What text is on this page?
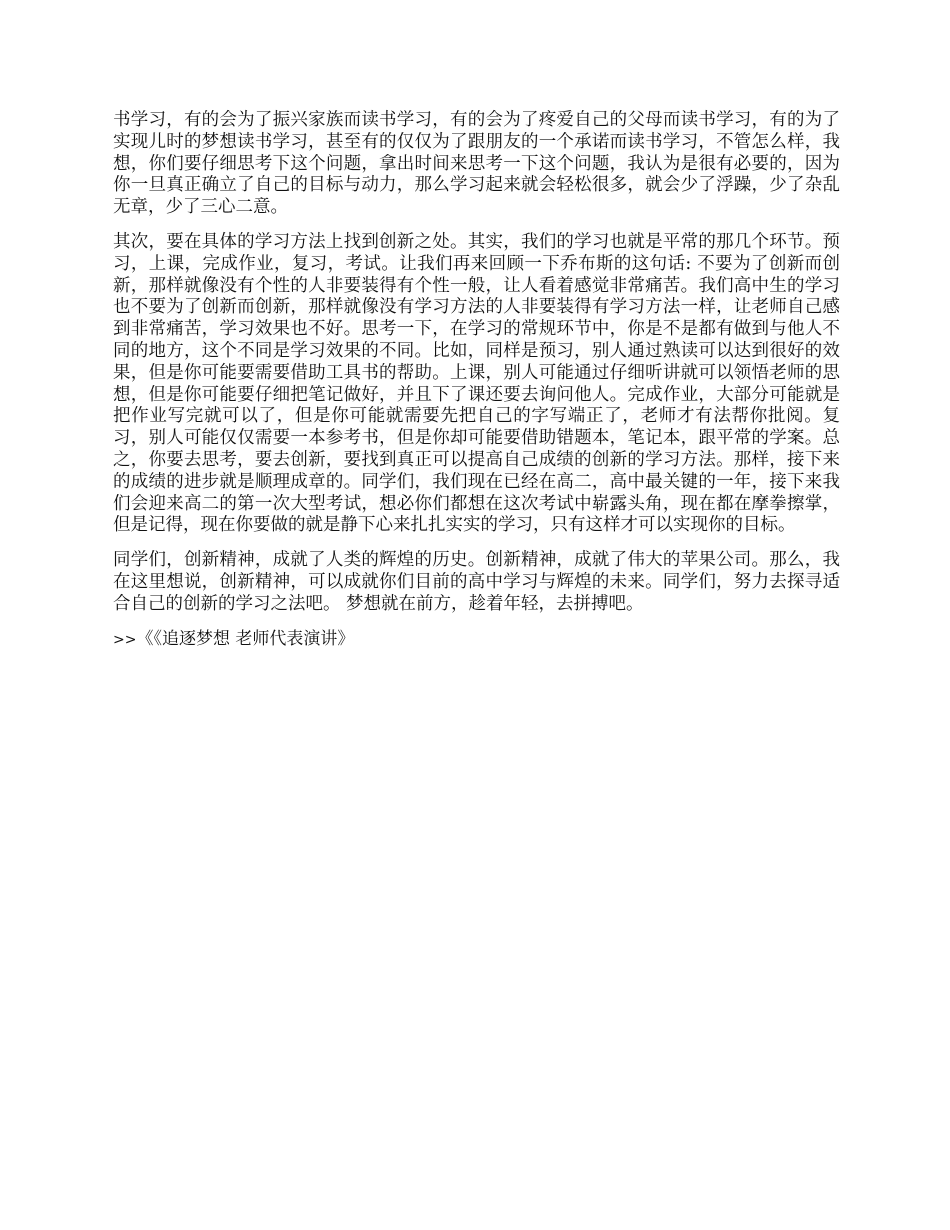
书学习，有的会为了振兴家族而读书学习，有的会为了疼爱自己的父母而读书学习，有的为了实现儿时的梦想读书学习，甚至有的仅仅为了跟朋友的一个承诺而读书学习，不管怎么样，我想，你们要仔细思考下这个问题，拿出时间来思考一下这个问题，我认为是很有必要的，因为你一旦真正确立了自己的目标与动力，那么学习起来就会轻松很多，就会少了浮躁，少了杂乱无章，少了三心二意。

其次，要在具体的学习方法上找到创新之处。其实，我们的学习也就是平常的那几个环节。预习，上课，完成作业，复习，考试。让我们再来回顾一下乔布斯的这句话: 不要为了创新而创新，那样就像没有个性的人非要装得有个性一般，让人看着感觉非常痛苦。我们高中生的学习也不要为了创新而创新，那样就像没有学习方法的人非要装得有学习方法一样，让老师自己感到非常痛苦，学习效果也不好。思考一下，在学习的常规环节中，你是不是都有做到与他人不同的地方，这个不同是学习效果的不同。比如，同样是预习，别人通过熟读可以达到很好的效果，但是你可能要需要借助工具书的帮助。上课，别人可能通过仔细听讲就可以领悟老师的思想，但是你可能要仔细把笔记做好，并且下了课还要去询问他人。完成作业，大部分可能就是把作业写完就可以了，但是你可能就需要先把自己的字写端正了，老师才有法帮你批阅。复习，别人可能仅仅需要一本参考书，但是你却可能要借助错题本，笔记本，跟平常的学案。总之，你要去思考，要去创新，要找到真正可以提高自己成绩的创新的学习方法。那样，接下来的成绩的进步就是顺理成章的。同学们，我们现在已经在高二，高中最关键的一年，接下来我们会迎来高二的第一次大型考试，想必你们都想在这次考试中崭露头角，现在都在摩拳擦掌，但是记得，现在你要做的就是静下心来扎扎实实的学习，只有这样才可以实现你的目标。

同学们，创新精神，成就了人类的辉煌的历史。创新精神，成就了伟大的苹果公司。那么，我在这里想说，创新精神，可以成就你们目前的高中学习与辉煌的未来。同学们，努力去探寻适合自己的创新的学习之法吧。 梦想就在前方，趁着年轻，去拼搏吧。

>>《《追逐梦想 老师代表演讲》
